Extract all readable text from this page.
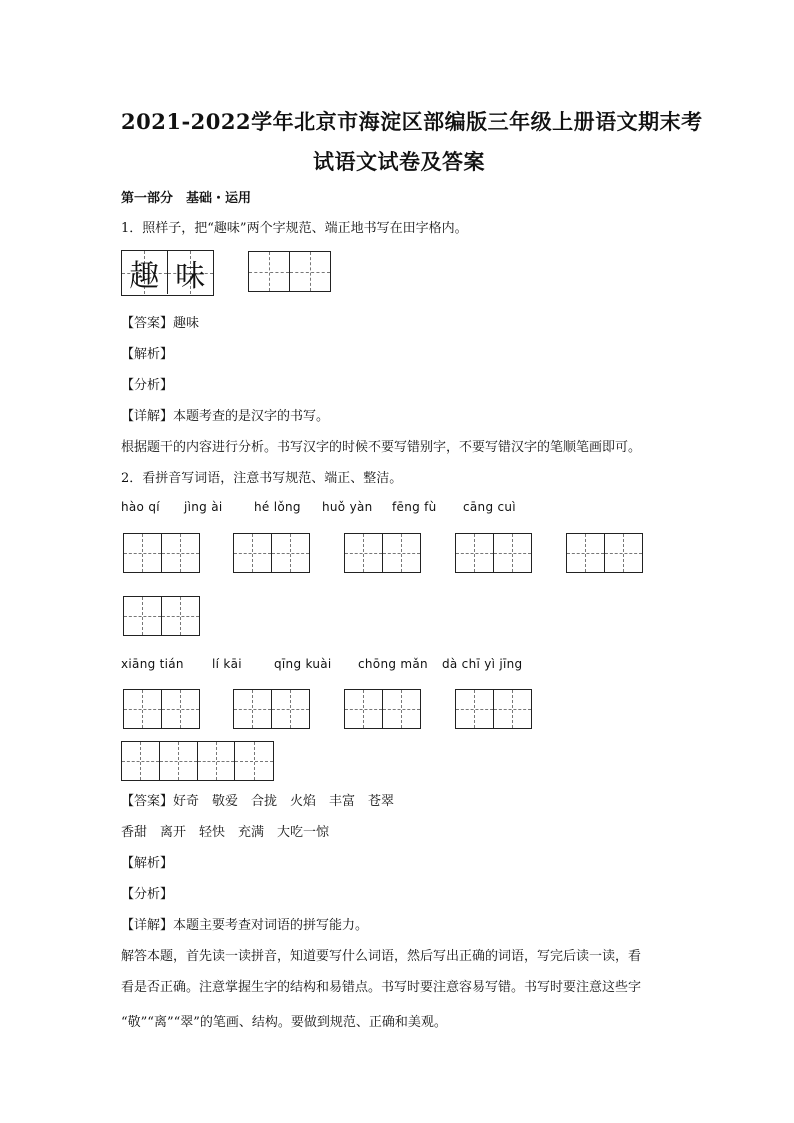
2021-2022学年北京市海淀区部编版三年级上册语文期末考
试语文试卷及答案
第一部分　基础・运用
1．照样子，把“趣味”两个字规范、端正地书写在田字格内。
趣 味
【答案】趣味
【解析】
【分析】
【详解】本题考查的是汉字的书写。
根据题干的内容进行分析。书写汉字的时候不要写错别字，不要写错汉字的笔顺笔画即可。
2．看拼音写词语，注意书写规范、端正、整洁。
hào qí jìng ài	hé lǒng huǒ yàn fēng fù cāng cuì
xiāng tián lí kāi	qīng kuài chōng mǎn dà chī yì jīng
【答案】好奇　敬爱　合拢　火焰　丰富　苍翠
香甜　离开　轻快　充满　大吃一惊
【解析】
【分析】
【详解】本题主要考查对词语的拼写能力。
解答本题，首先读一读拼音，知道要写什么词语，然后写出正确的词语，写完后读一读，看
看是否正确。注意掌握生字的结构和易错点。书写时要注意容易写错。书写时要注意这些字
“敬”“离”“翠”的笔画、结构。要做到规范、正确和美观。
